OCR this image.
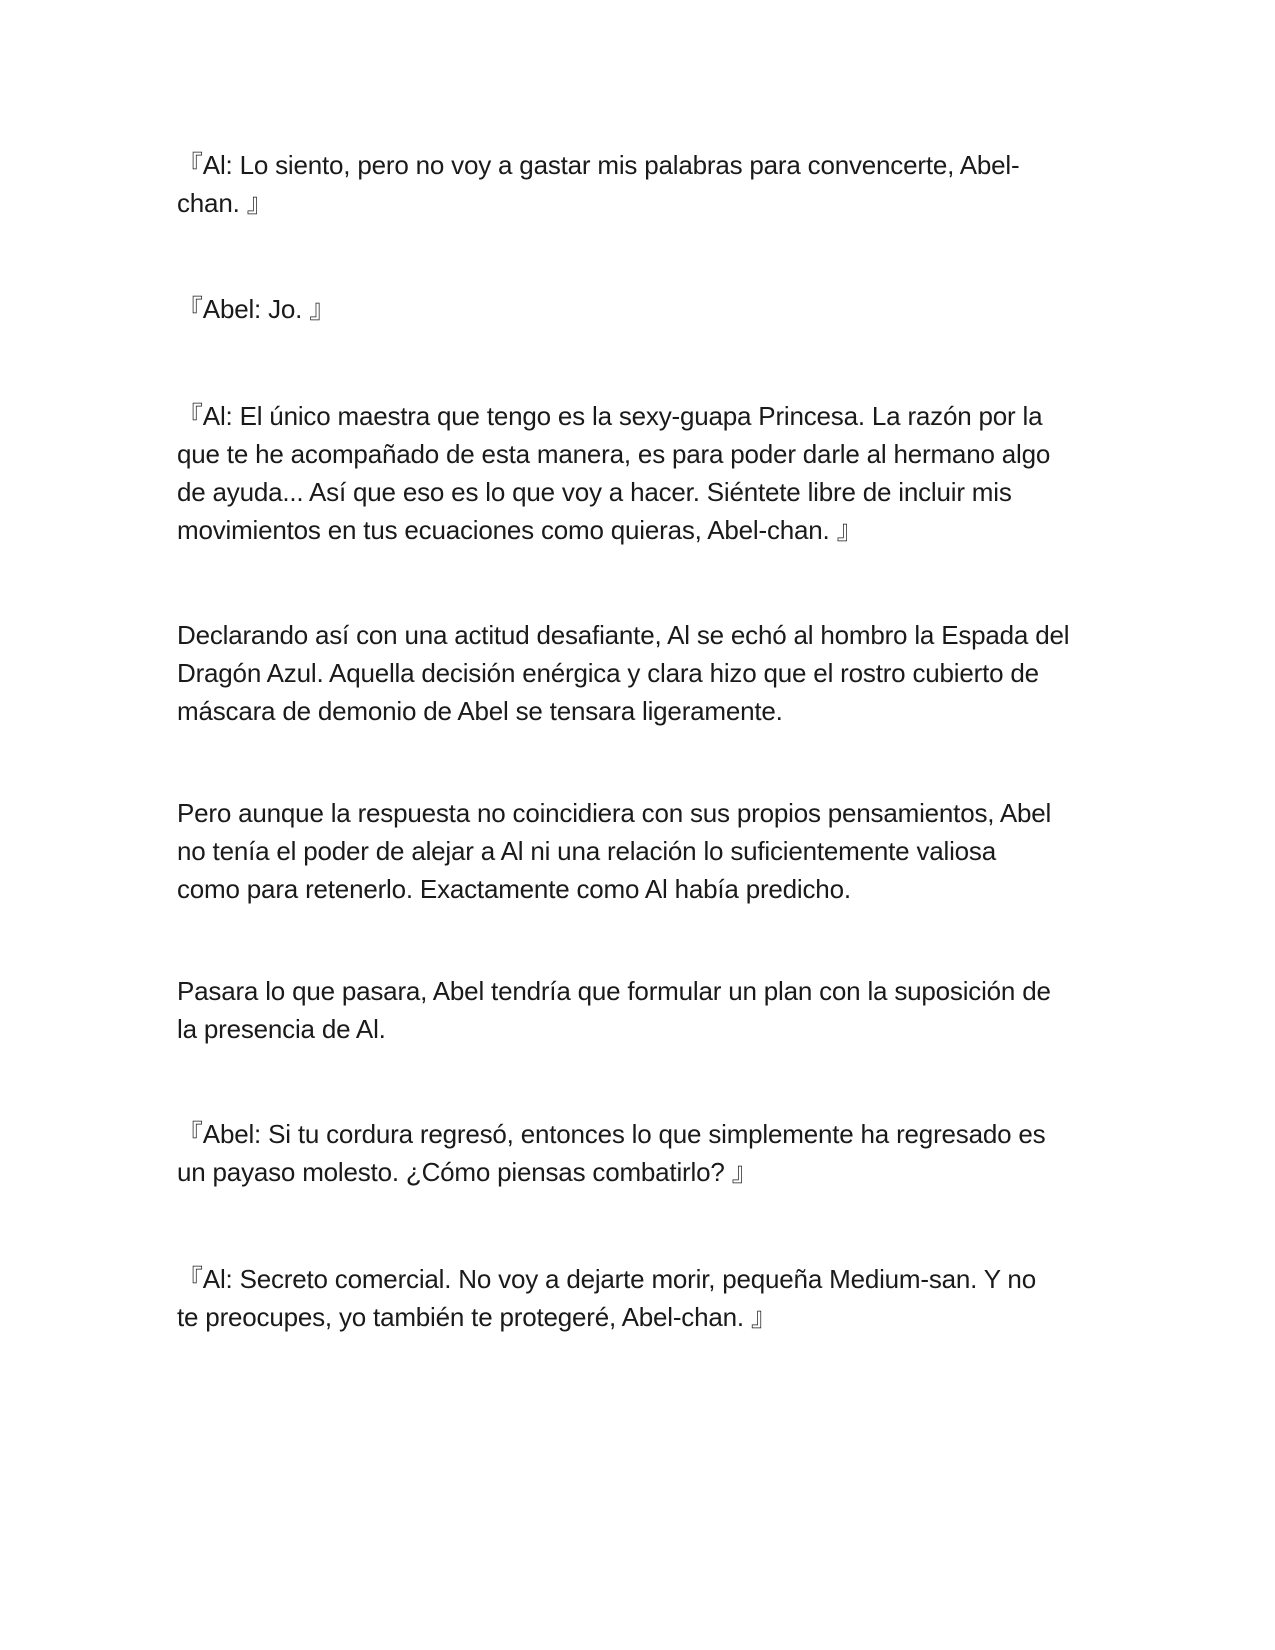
『Al: Lo siento, pero no voy a gastar mis palabras para convencerte, Abel-
chan. 』

『Abel: Jo. 』

『Al: El único maestra que tengo es la sexy-guapa Princesa. La razón por la
que te he acompañado de esta manera, es para poder darle al hermano algo
de ayuda... Así que eso es lo que voy a hacer. Siéntete libre de incluir mis
movimientos en tus ecuaciones como quieras, Abel-chan. 』

Declarando así con una actitud desafiante, Al se echó al hombro la Espada del
Dragón Azul. Aquella decisión enérgica y clara hizo que el rostro cubierto de
máscara de demonio de Abel se tensara ligeramente.

Pero aunque la respuesta no coincidiera con sus propios pensamientos, Abel
no tenía el poder de alejar a Al ni una relación lo suficientemente valiosa
como para retenerlo. Exactamente como Al había predicho.

Pasara lo que pasara, Abel tendría que formular un plan con la suposición de
la presencia de Al.

『Abel: Si tu cordura regresó, entonces lo que simplemente ha regresado es
un payaso molesto. ¿Cómo piensas combatirlo? 』

『Al: Secreto comercial. No voy a dejarte morir, pequeña Medium-san. Y no
te preocupes, yo también te protegeré, Abel-chan. 』
